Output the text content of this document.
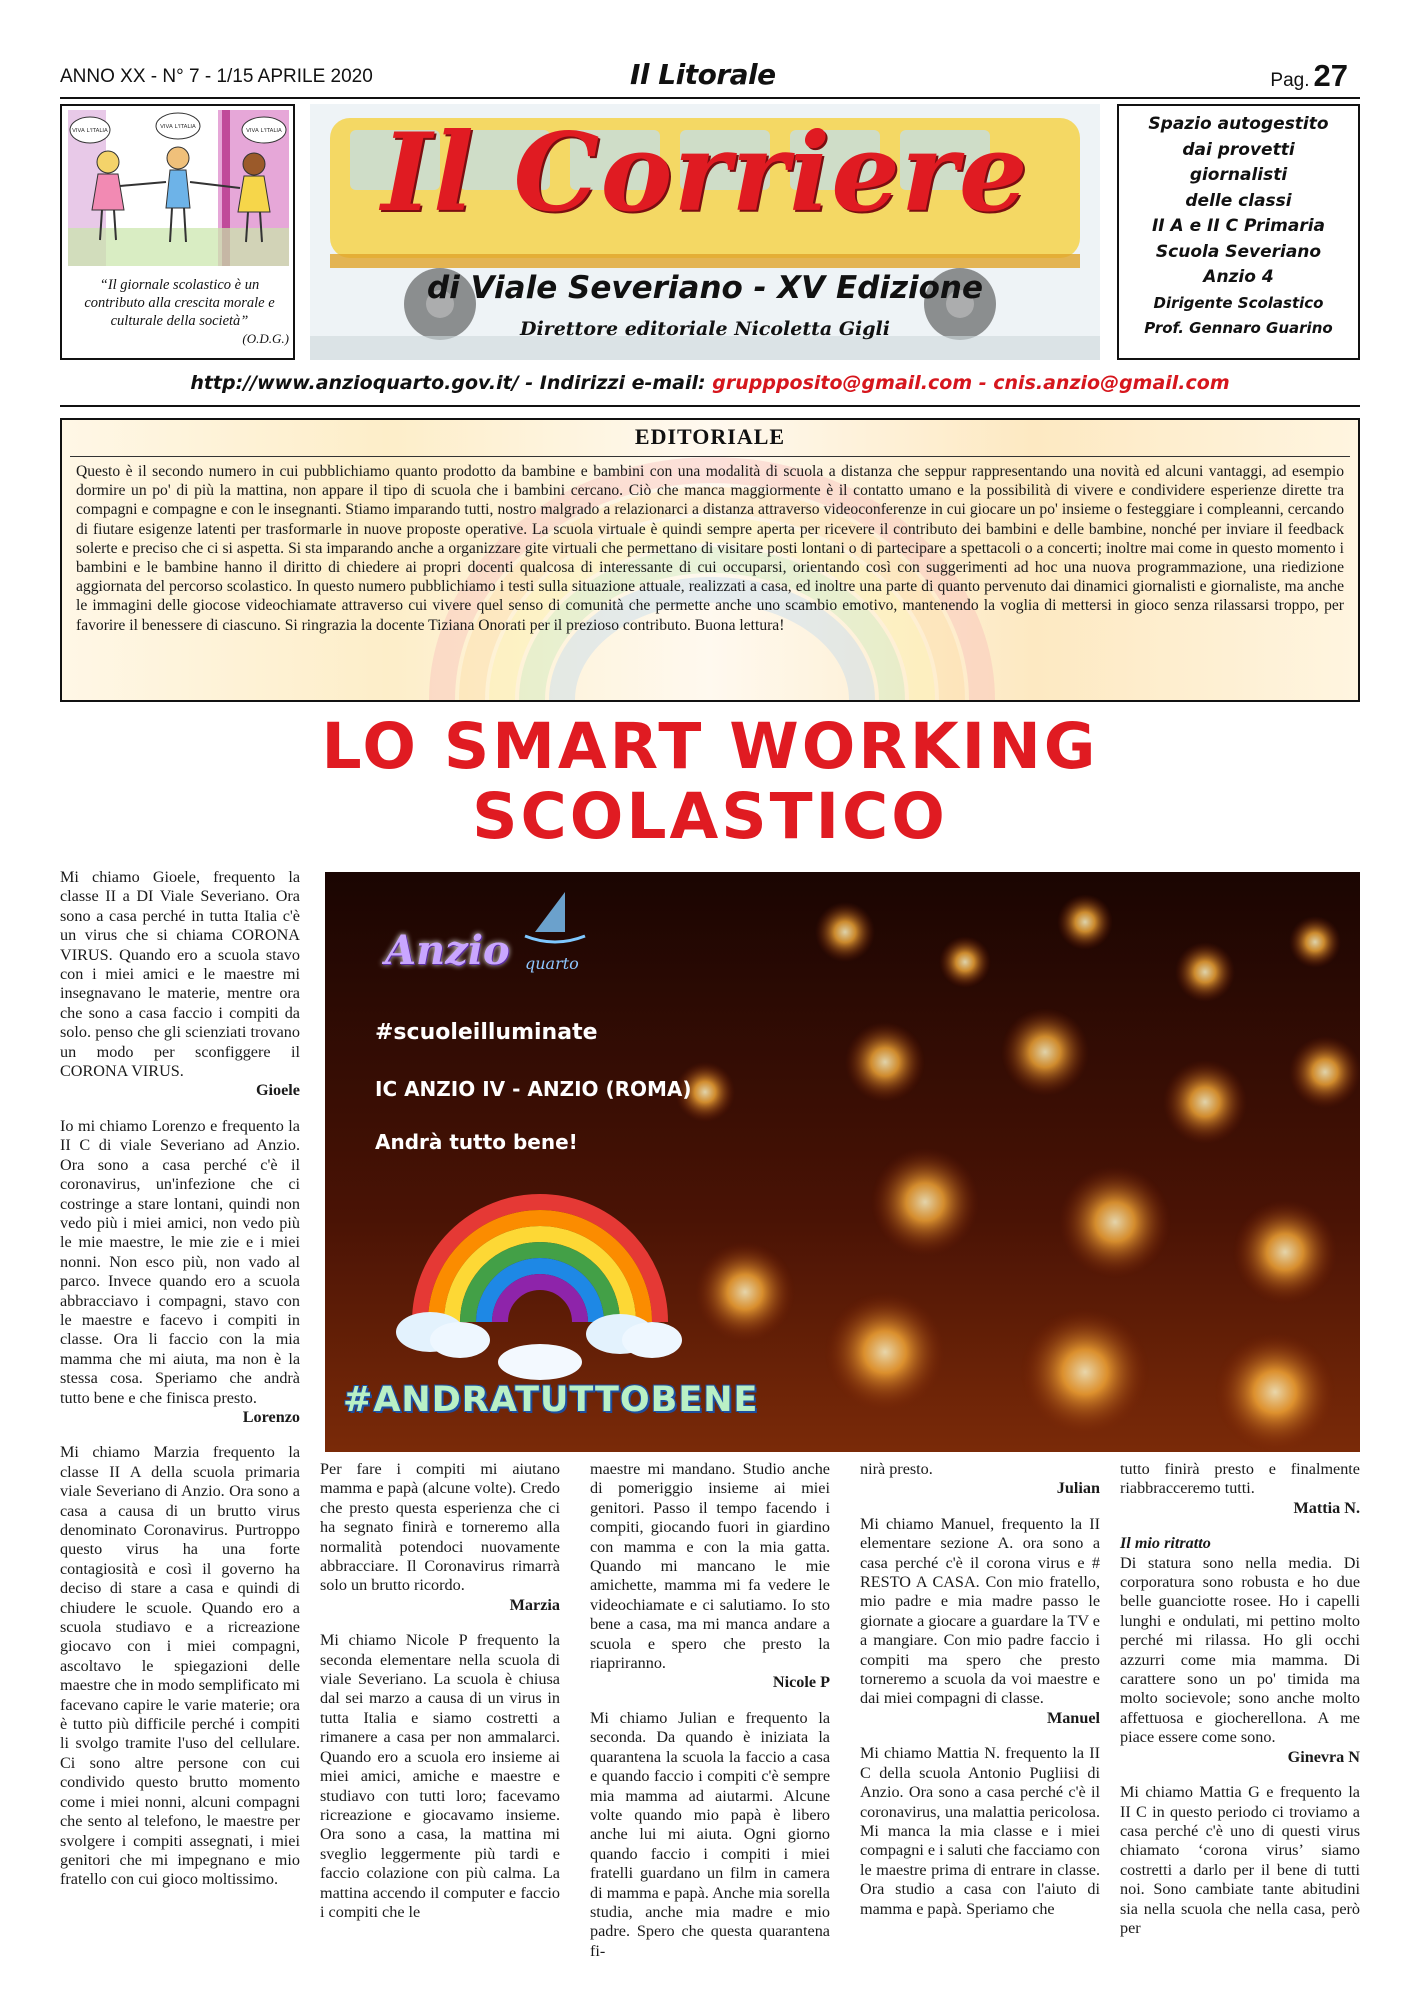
ANNO XX - N° 7 - 1/15 APRILE 2020	Il Litorale	Pag. 27
VIVA L'ITALIA
VIVA L'ITALIA
VIVA L'ITALIA
“Il giornale scolastico è un contributo alla crescita morale e culturale della società”
(O.D.G.)
Il Corriere
di Viale Severiano - XV Edizione
Direttore editoriale Nicoletta Gigli
Spazio autogestito
dai provetti
giornalisti
delle classi
II A e II C Primaria
Scuola Severiano
Anzio 4
Dirigente Scolastico
Prof. Gennaro Guarino
http://www.anzioquarto.gov.it/ - Indirizzi e-mail: gruppposito@gmail.com - cnis.anzio@gmail.com
EDITORIALE
Questo è il secondo numero in cui pubblichiamo quanto prodotto da bambine e bambini con una modalità di scuola a distanza che seppur rappresentando una novità ed alcuni vantaggi, ad esempio dormire un po' di più la mattina, non appare il tipo di scuola che i bambini cercano. Ciò che manca maggiormente è il contatto umano e la possibilità di vivere e condividere esperienze dirette tra compagni e compagne e con le insegnanti. Stiamo imparando tutti, nostro malgrado a relazionarci a distanza attraverso videoconferenze in cui giocare un po' insieme o festeggiare i compleanni, cercando di fiutare esigenze latenti per trasformarle in nuove proposte operative. La scuola virtuale è quindi sempre aperta per ricevere il contributo dei bambini e delle bambine, nonché per inviare il feedback solerte e preciso che ci si aspetta. Si sta imparando anche a organizzare gite virtuali che permettano di visitare posti lontani o di partecipare a spettacoli o a concerti; inoltre mai come in questo momento i bambini e le bambine hanno il diritto di chiedere ai propri docenti qualcosa di interessante di cui occuparsi, orientando così con suggerimenti ad hoc una nuova programmazione, una riedizione aggiornata del percorso scolastico. In questo numero pubblichiamo i testi sulla situazione attuale, realizzati a casa, ed inoltre una parte di quanto pervenuto dai dinamici giornalisti e giornaliste, ma anche le immagini delle giocose videochiamate attraverso cui vivere quel senso di comunità che permette anche uno scambio emotivo, mantenendo la voglia di mettersi in gioco senza rilassarsi troppo, per favorire il benessere di ciascuno. Si ringrazia la docente Tiziana Onorati per il prezioso contributo. Buona lettura!
LO SMART WORKING
SCOLASTICO

Mi chiamo Gioele, frequento la classe II a DI Viale Severiano. Ora sono a casa perché in tutta Italia c'è un virus che si chiama CORONA VIRUS. Quando ero a scuola stavo con i miei amici e le maestre mi insegnavano le materie, mentre ora che sono a casa faccio i compiti da solo. penso che gli scienziati trovano un modo per sconfiggere il CORONA VIRUS.

Gioele

Io mi chiamo Lorenzo e frequento la II C di viale Severiano ad Anzio. Ora sono a casa perché c'è il coronavirus, un'infezione che ci costringe a stare lontani, quindi non vedo più i miei amici, non vedo più le mie maestre, le mie zie e i miei nonni. Non esco più, non vado al parco. Invece quando ero a scuola abbracciavo i compagni, stavo con le maestre e facevo i compiti in classe. Ora li faccio con la mia mamma che mi aiuta, ma non è la stessa cosa. Speriamo che andrà tutto bene e che finisca presto.

Lorenzo

Mi chiamo Marzia frequento la classe II A della scuola primaria viale Severiano di Anzio. Ora sono a casa a causa di un brutto virus denominato Coronavirus. Purtroppo questo virus ha una forte contagiosità e così il governo ha deciso di stare a casa e quindi di chiudere le scuole. Quando ero a scuola studiavo e a ricreazione giocavo con i miei compagni, ascoltavo le spiegazioni delle maestre che in modo semplificato mi facevano capire le varie materie; ora è tutto più difficile perché i compiti li svolgo tramite l'uso del cellulare. Ci sono altre persone con cui condivido questo brutto momento come i miei nonni, alcuni compagni che sento al telefono, le maestre per svolgere i compiti assegnati, i miei genitori che mi impegnano e mio fratello con cui gioco moltissimo.

Anzio quarto
#scuoleilluminate
IC ANZIO IV - ANZIO (ROMA)
Andrà tutto bene!
#ANDRATUTTOBENE

Per fare i compiti mi aiutano mamma e papà (alcune volte). Credo che presto questa esperienza che ci ha segnato finirà e torneremo alla normalità potendoci nuovamente abbracciare. Il Coronavirus rimarrà solo un brutto ricordo.

Marzia

Mi chiamo Nicole P frequento la seconda elementare nella scuola di viale Severiano. La scuola è chiusa dal sei marzo a causa di un virus in tutta Italia e siamo costretti a rimanere a casa per non ammalarci. Quando ero a scuola ero insieme ai miei amici, amiche e maestre e studiavo con tutti loro; facevamo ricreazione e giocavamo insieme. Ora sono a casa, la mattina mi sveglio leggermente più tardi e faccio colazione con più calma. La mattina accendo il computer e faccio i compiti che le

maestre mi mandano. Studio anche di pomeriggio insieme ai miei genitori. Passo il tempo facendo i compiti, giocando fuori in giardino con mamma e con la mia gatta. Quando mi mancano le mie amichette, mamma mi fa vedere le videochiamate e ci salutiamo. Io sto bene a casa, ma mi manca andare a scuola e spero che presto la riapriranno.

Nicole P

Mi chiamo Julian e frequento la seconda. Da quando è iniziata la quarantena la scuola la faccio a casa e quando faccio i compiti c'è sempre mia mamma ad aiutarmi. Alcune volte quando mio papà è libero anche lui mi aiuta. Ogni giorno quando faccio i compiti i miei fratelli guardano un film in camera di mamma e papà. Anche mia sorella studia, anche mia madre e mio padre. Spero che questa quarantena fi-

nirà presto.

Julian

Mi chiamo Manuel, frequento la II elementare sezione A. ora sono a casa perché c'è il corona virus e # RESTO A CASA. Con mio fratello, mio padre e mia madre passo le giornate a giocare a guardare la TV e a mangiare. Con mio padre faccio i compiti ma spero che presto torneremo a scuola da voi maestre e dai miei compagni di classe.

Manuel

Mi chiamo Mattia N. frequento la II C della scuola Antonio Pugliisi di Anzio. Ora sono a casa perché c'è il coronavirus, una malattia pericolosa. Mi manca la mia classe e i miei compagni e i saluti che facciamo con le maestre prima di entrare in classe. Ora studio a casa con l'aiuto di mamma e papà. Speriamo che

tutto finirà presto e finalmente riabbracceremo tutti.

Mattia N.
Il mio ritratto

Di statura sono nella media. Di corporatura sono robusta e ho due belle guanciotte rosee. Ho i capelli lunghi e ondulati, mi pettino molto perché mi rilassa. Ho gli occhi azzurri come mia mamma. Di carattere sono un po' timida ma molto socievole; sono anche molto affettuosa e giocherellona. A me piace essere come sono.

Ginevra N

Mi chiamo Mattia G e frequento la II C in questo periodo ci troviamo a casa perché c'è uno di questi virus chiamato ‘corona virus’ siamo costretti a darlo per il bene di tutti noi. Sono cambiate tante abitudini sia nella scuola che nella casa, però per
